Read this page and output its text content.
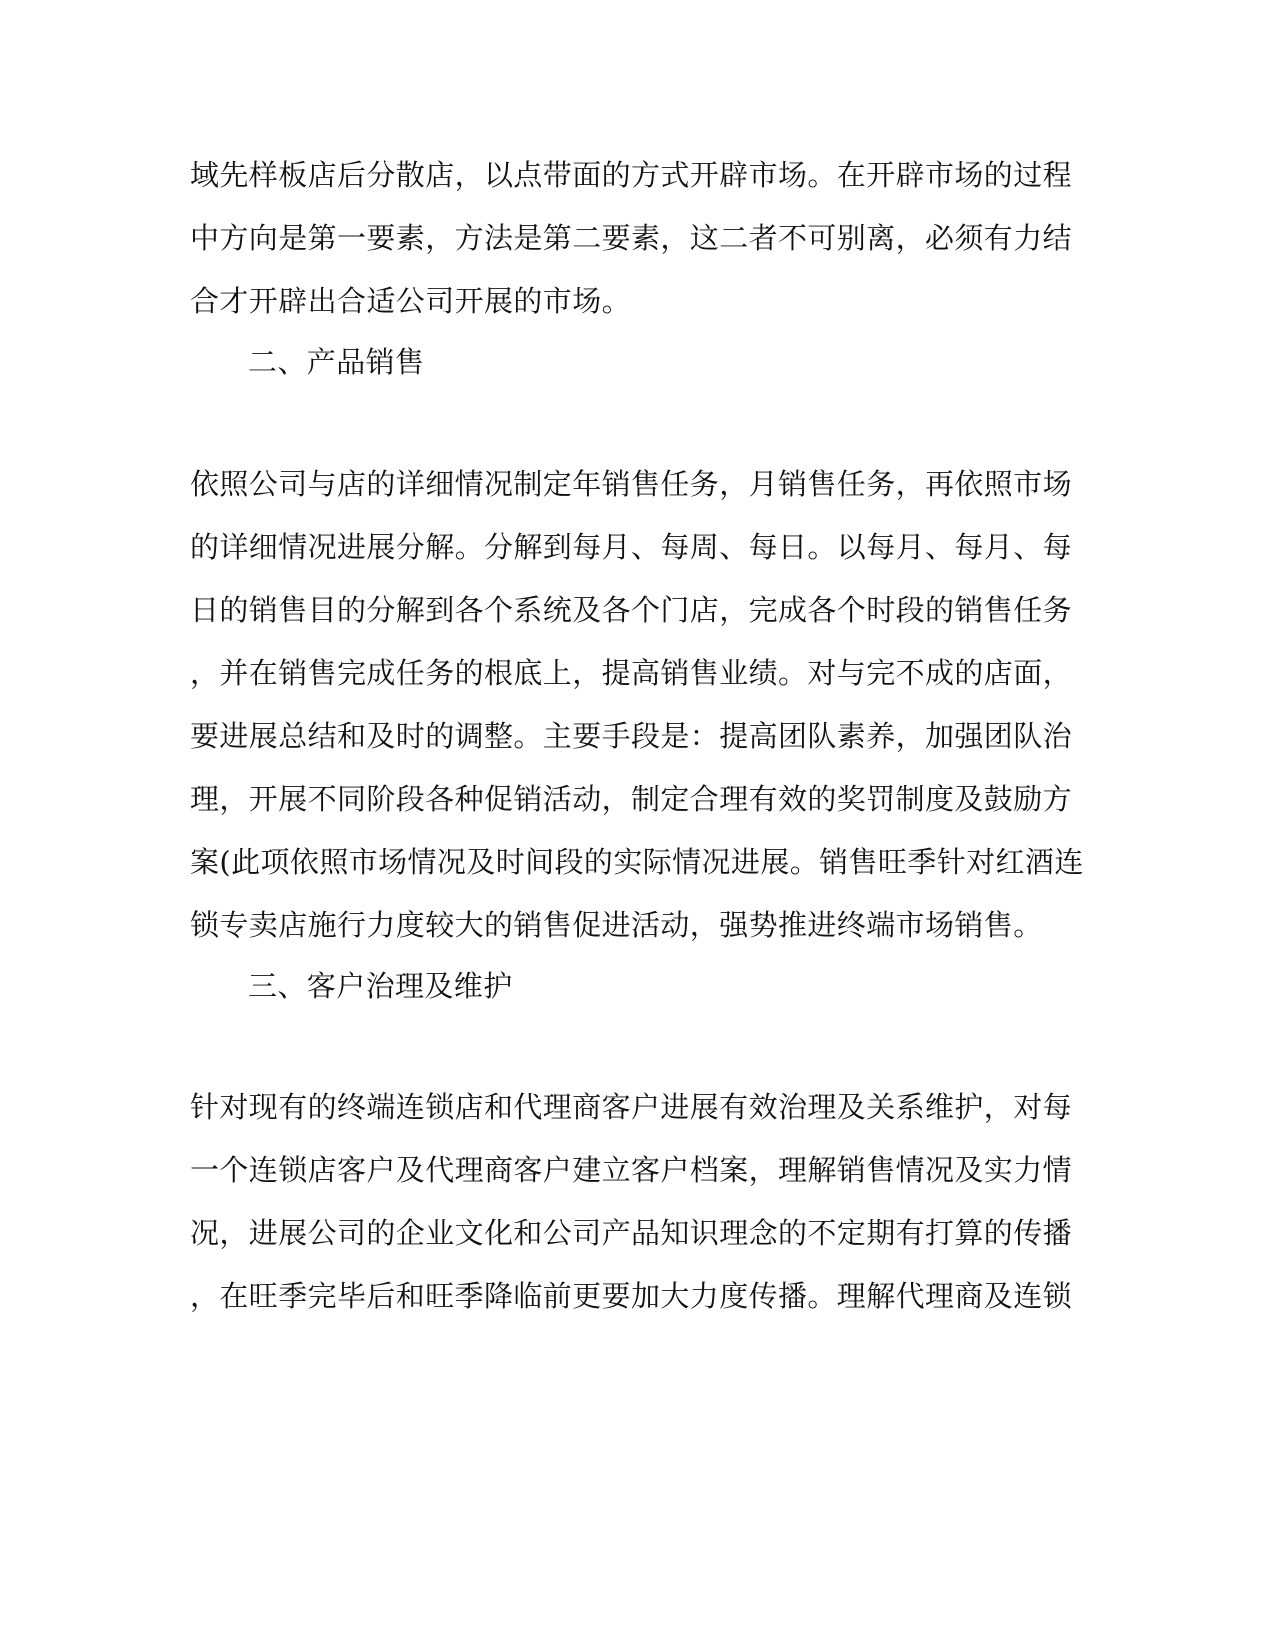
域先样板店后分散店，以点带面的方式开辟市场。在开辟市场的过程
中方向是第一要素，方法是第二要素，这二者不可别离，必须有力结
合才开辟出合适公司开展的市场。
二、产品销售
依照公司与店的详细情况制定年销售任务，月销售任务，再依照市场
的详细情况进展分解。分解到每月、每周、每日。以每月、每月、每
日的销售目的分解到各个系统及各个门店，完成各个时段的销售任务
，并在销售完成任务的根底上，提高销售业绩。对与完不成的店面，
要进展总结和及时的调整。主要手段是：提高团队素养，加强团队治
理，开展不同阶段各种促销活动，制定合理有效的奖罚制度及鼓励方
案(此项依照市场情况及时间段的实际情况进展。销售旺季针对红酒连
锁专卖店施行力度较大的销售促进活动，强势推进终端市场销售。
三、客户治理及维护
针对现有的终端连锁店和代理商客户进展有效治理及关系维护，对每
一个连锁店客户及代理商客户建立客户档案，理解销售情况及实力情
况，进展公司的企业文化和公司产品知识理念的不定期有打算的传播
，在旺季完毕后和旺季降临前更要加大力度传播。理解代理商及连锁
